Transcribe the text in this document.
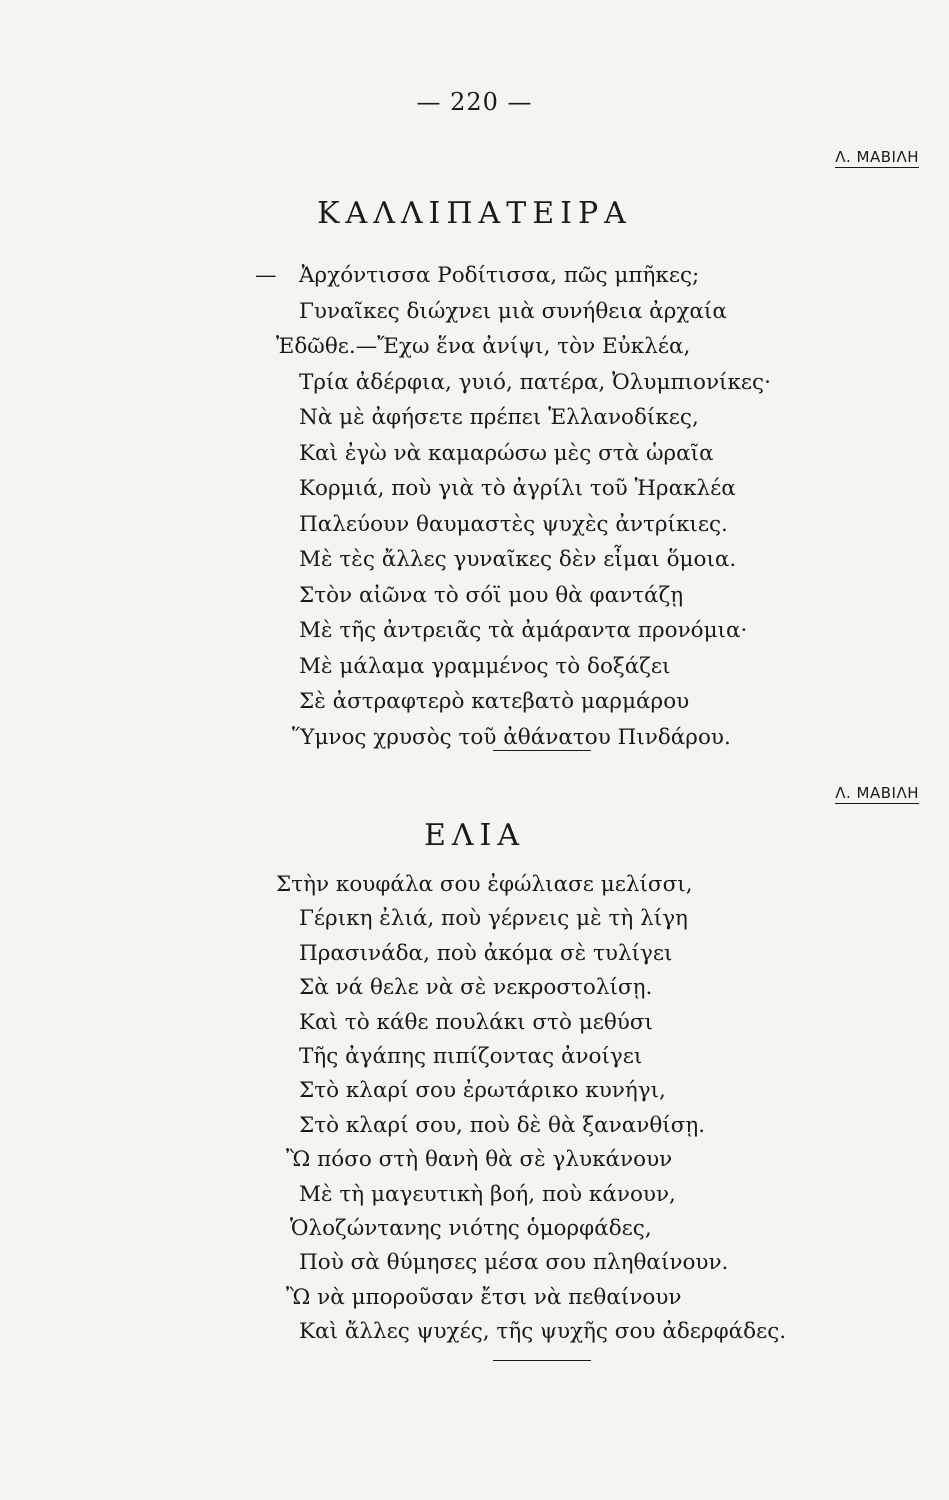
— 220 —
Λ. ΜΑΒΙΛΗ
ΚΑΛΛΙΠΑΤΕΙΡΑ
— Ἀρχόντισσα Ροδίτισσα, πῶς μπῆκες;
Γυναῖκες διώχνει μιὰ συνήθεια ἀρχαία
Ἐδῶθε.—Ἔχω ἕνα ἀνίψι, τὸν Εὐκλέα,
Τρία ἀδέρφια, γυιό, πατέρα, Ὀλυμπιονίκες·
Νὰ μὲ ἀφήσετε πρέπει Ἑλλανοδίκες,
Καὶ ἐγὼ νὰ καμαρώσω μὲς στὰ ὡραῖα
Κορμιά, ποὺ γιὰ τὸ ἀγρίλι τοῦ Ἡρακλέα
Παλεύουν θαυμαστὲς ψυχὲς ἀντρίκιες.
Μὲ τὲς ἄλλες γυναῖκες δὲν εἶμαι ὅμοια.
Στὸν αἰῶνα τὸ σόϊ μου θὰ φαντάζῃ
Μὲ τῆς ἀντρειᾶς τὰ ἀμάραντα προνόμια·
Μὲ μάλαμα γραμμένος τὸ δοξάζει
Σὲ ἀστραφτερὸ κατεβατὸ μαρμάρου
Ὕμνος χρυσὸς τοῦ ἀθάνατου Πινδάρου.
Λ. ΜΑΒΙΛΗ
ΕΛΙΑ
Στὴν κουφάλα σου ἐφώλιασε μελίσσι,
Γέρικη ἐλιά, ποὺ γέρνεις μὲ τὴ λίγη
Πρασινάδα, ποὺ ἀκόμα σὲ τυλίγει
Σὰ νά θελε νὰ σὲ νεκροστολίσῃ.
Καὶ τὸ κάθε πουλάκι στὸ μεθύσι
Τῆς ἀγάπης πιπίζοντας ἀνοίγει
Στὸ κλαρί σου ἐρωτάρικο κυνήγι,
Στὸ κλαρί σου, ποὺ δὲ θὰ ξανανθίσῃ.
Ὢ πόσο στὴ θανὴ θὰ σὲ γλυκάνουν
Μὲ τὴ μαγευτικὴ βοή, ποὺ κάνουν,
Ὁλοζώντανης νιότης ὁμορφάδες,
Ποὺ σὰ θύμησες μέσα σου πληθαίνουν.
Ὢ νὰ μποροῦσαν ἔτσι νὰ πεθαίνουν
Καὶ ἄλλες ψυχές, τῆς ψυχῆς σου ἀδερφάδες.
